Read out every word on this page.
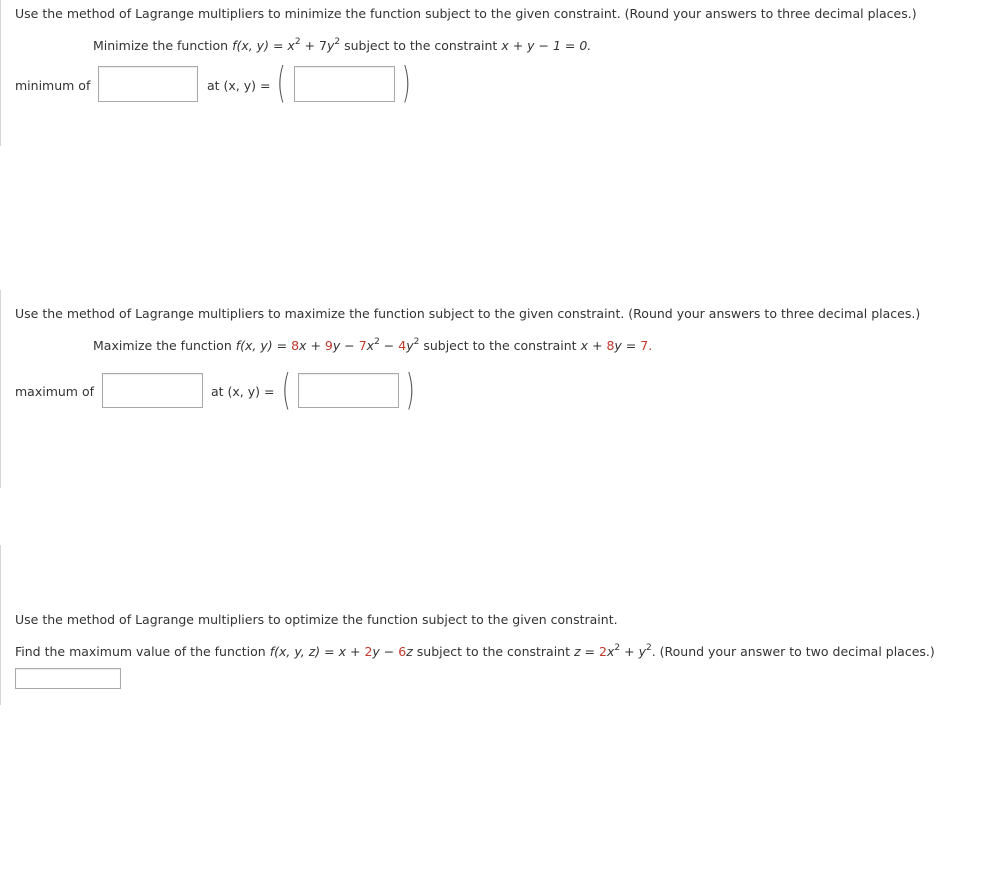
Use the method of Lagrange multipliers to minimize the function subject to the given constraint. (Round your answers to three decimal places.)
Minimize the function f(x, $y) = x^2 + 7y^2$ subject to the constraint x + y − 1 = 0.
minimum of	at (x, y) = (	)
Use the method of Lagrange multipliers to maximize the function subject to the given constraint. (Round your answers to three decimal places.)
Maximize the function f(x, $y) = 8x + 9y - 7x^2 - 4y^2$ subject to the constraint x + 8y = 7.
maximum of	at (x, y) = (	)
Use the method of Lagrange multipliers to optimize the function subject to the given constraint.
Find the maximum value of the function f(x, y, z) = x + 2y − 6z subject to the constraint $z = 2x^2 + y^2$. (Round your answer to two decimal places.)
